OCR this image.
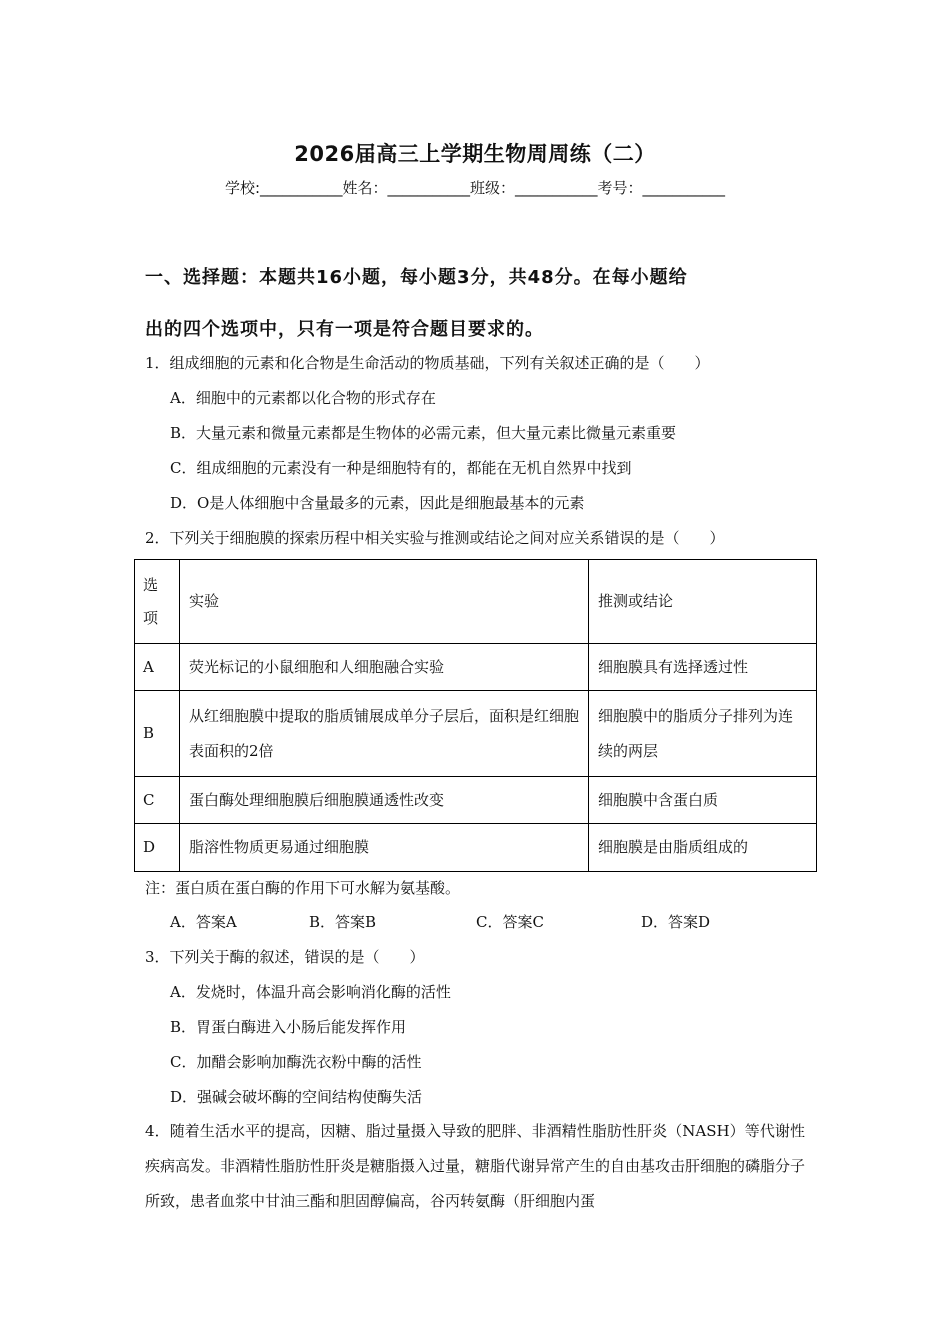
2026届高三上学期生物周周练（二）
学校:___________姓名：___________班级：___________考号：___________
一、选择题：本题共16小题，每小题3分，共48分。在每小题给
出的四个选项中，只有一项是符合题目要求的。
1．组成细胞的元素和化合物是生命活动的物质基础，下列有关叙述正确的是（　　）
A．细胞中的元素都以化合物的形式存在
B．大量元素和微量元素都是生物体的必需元素，但大量元素比微量元素重要
C．组成细胞的元素没有一种是细胞特有的，都能在无机自然界中找到
D．O是人体细胞中含量最多的元素，因此是细胞最基本的元素
2．下列关于细胞膜的探索历程中相关实验与推测或结论之间对应关系错误的是（　　）
选项	实验	推测或结论
A	荧光标记的小鼠细胞和人细胞融合实验	细胞膜具有选择透过性
B	从红细胞膜中提取的脂质铺展成单分子层后，面积是红细胞表面积的2倍	细胞膜中的脂质分子排列为连续的两层
C	蛋白酶处理细胞膜后细胞膜通透性改变	细胞膜中含蛋白质
D	脂溶性物质更易通过细胞膜	细胞膜是由脂质组成的
注：蛋白质在蛋白酶的作用下可水解为氨基酸。
A．答案A	B．答案B	C．答案C	D．答案D
3．下列关于酶的叙述，错误的是（　　）
A．发烧时，体温升高会影响消化酶的活性
B．胃蛋白酶进入小肠后能发挥作用
C．加醋会影响加酶洗衣粉中酶的活性
D．强碱会破坏酶的空间结构使酶失活
4．随着生活水平的提高，因糖、脂过量摄入导致的肥胖、非酒精性脂肪性肝炎（NASH）等代谢性疾病高发。非酒精性脂肪性肝炎是糖脂摄入过量，糖脂代谢异常产生的自由基攻击肝细胞的磷脂分子所致，患者血浆中甘油三酯和胆固醇偏高，谷丙转氨酶（肝细胞内蛋
